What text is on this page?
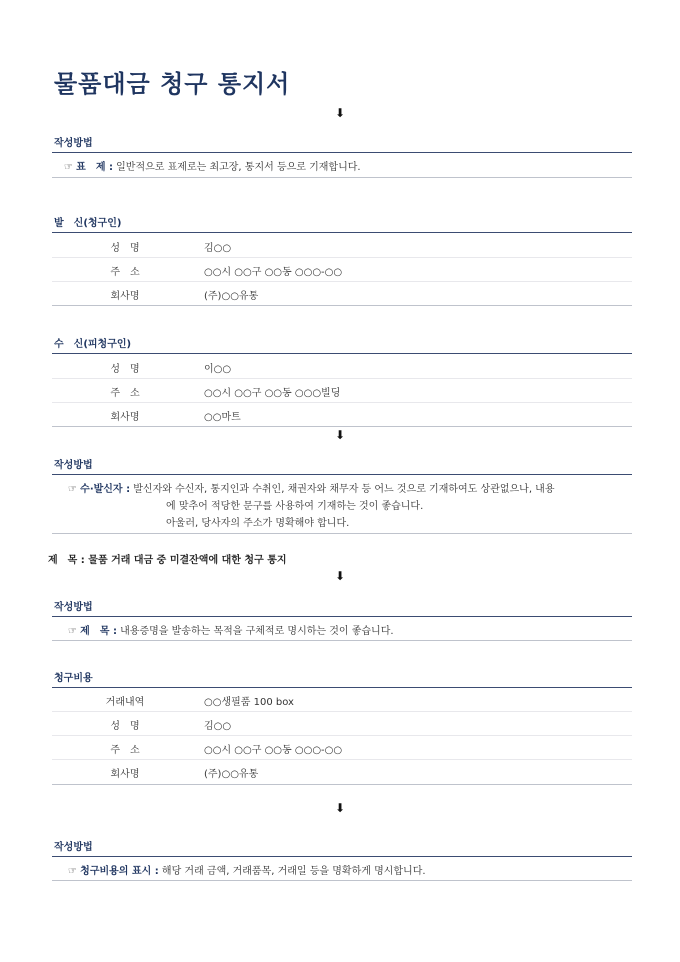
물품대금 청구 통지서
⬇
작성방법
☞ 표　제 : 일반적으로 표제로는 최고장, 통지서 등으로 기재합니다.
발　신(청구인)
성　명	김○○
주　소	○○시 ○○구 ○○동 ○○○-○○
회사명	(주)○○유통
수　신(피청구인)
성　명	이○○
주　소	○○시 ○○구 ○○동 ○○○빌딩
회사명	○○마트
⬇
작성방법
☞ 수·발신자 : 발신자와 수신자, 통지인과 수취인, 채권자와 채무자 등 어느 것으로 기재하여도 상관없으나, 내용
에 맞추어 적당한 문구를 사용하여 기재하는 것이 좋습니다.
아울러, 당사자의 주소가 명확해야 합니다.
제　목 : 물품 거래 대금 중 미결잔액에 대한 청구 통지
⬇
작성방법
☞ 제　목 : 내용증명을 발송하는 목적을 구체적로 명시하는 것이 좋습니다.
청구비용
거래내역	○○생필품 100 box
성　명	김○○
주　소	○○시 ○○구 ○○동 ○○○-○○
회사명	(주)○○유통
⬇
작성방법
☞ 청구비용의 표시 : 해당 거래 금액, 거래품목, 거래일 등을 명확하게 명시합니다.
